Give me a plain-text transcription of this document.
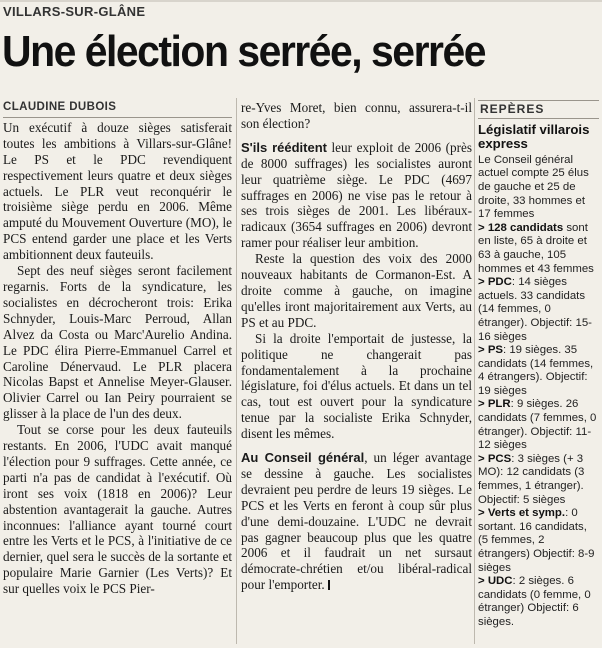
VILLARS-SUR-GLÂNE
Une élection serrée, serrée
CLAUDINE DUBOIS

Un exécutif à douze sièges satisferait toutes les ambitions à Villars-sur-Glâne! Le PS et le PDC revendiquent respectivement leurs quatre et deux sièges actuels. Le PLR veut reconquérir le troisième siège perdu en 2006. Même amputé du Mouvement Ouverture (MO), le PCS entend garder une place et les Verts ambitionnent deux fauteuils.

Sept des neuf sièges seront facilement regarnis. Forts de la syndicature, les socialistes en décrocheront trois: Erika Schnyder, Louis-Marc Perroud, Allan Alvez da Costa ou Marc'Aurelio Andina. Le PDC élira Pierre-Emmanuel Carrel et Caroline Dénervaud. Le PLR placera Nicolas Bapst et Annelise Meyer-Glauser. Olivier Carrel ou Ian Peiry pourraient se glisser à la place de l'un des deux.

Tout se corse pour les deux fauteuils restants. En 2006, l'UDC avait manqué l'élection pour 9 suffrages. Cette année, ce parti n'a pas de candidat à l'exécutif. Où iront ses voix (1818 en 2006)? Leur abstention avantagerait la gauche. Autres inconnues: l'alliance ayant tourné court entre les Verts et le PCS, à l'initiative de ce dernier, quel sera le succès de la sortante et populaire Marie Garnier (Les Verts)? Et sur quelles voix le PCS Pier-

re-Yves Moret, bien connu, assurera-t-il son élection?

S'ils rééditent leur exploit de 2006 (près de 8000 suffrages) les socialistes auront leur quatrième siège. Le PDC (4697 suffrages en 2006) ne vise pas le retour à ses trois sièges de 2001. Les libéraux-radicaux (3654 suffrages en 2006) devront ramer pour réaliser leur ambition.

Reste la question des voix des 2000 nouveaux habitants de Cormanon-Est. A droite comme à gauche, on imagine qu'elles iront majoritairement aux Verts, au PS et au PDC.

Si la droite l'emportait de justesse, la politique ne changerait pas fondamentalement à la prochaine législature, foi d'élus actuels. Et dans un tel cas, tout est ouvert pour la syndicature tenue par la socialiste Erika Schnyder, disent les mêmes.

Au Conseil général, un léger avantage se dessine à gauche. Les socialistes devraient peu perdre de leurs 19 sièges. Le PCS et les Verts en feront à coup sûr plus d'une demi-douzaine. L'UDC ne devrait pas gagner beaucoup plus que les quatre 2006 et il faudrait un net sursaut démocrate-chrétien et/ou libéral-radical pour l'emporter.

REPÈRES
Législatif villarois express

Le Conseil général actuel compte 25 élus de gauche et 25 de droite, 33 hommes et 17 femmes

> 128 candidats sont en liste, 65 à droite et 63 à gauche, 105 hommes et 43 femmes

> PDC: 14 sièges actuels. 33 candidats (14 femmes, 0 étranger). Objectif: 15-16 sièges

> PS: 19 sièges. 35 candidats (14 femmes, 4 étrangers). Objectif: 19 sièges

> PLR: 9 sièges. 26 candidats (7 femmes, 0 étranger). Objectif: 11-12 sièges

> PCS: 3 sièges (+ 3 MO): 12 candidats (3 femmes, 1 étranger). Objectif: 5 sièges

> Verts et symp.: 0 sortant. 16 candidats, (5 femmes, 2 étrangers) Objectif: 8-9 sièges

> UDC: 2 sièges. 6 candidats (0 femme, 0 étranger) Objectif: 6 sièges.
